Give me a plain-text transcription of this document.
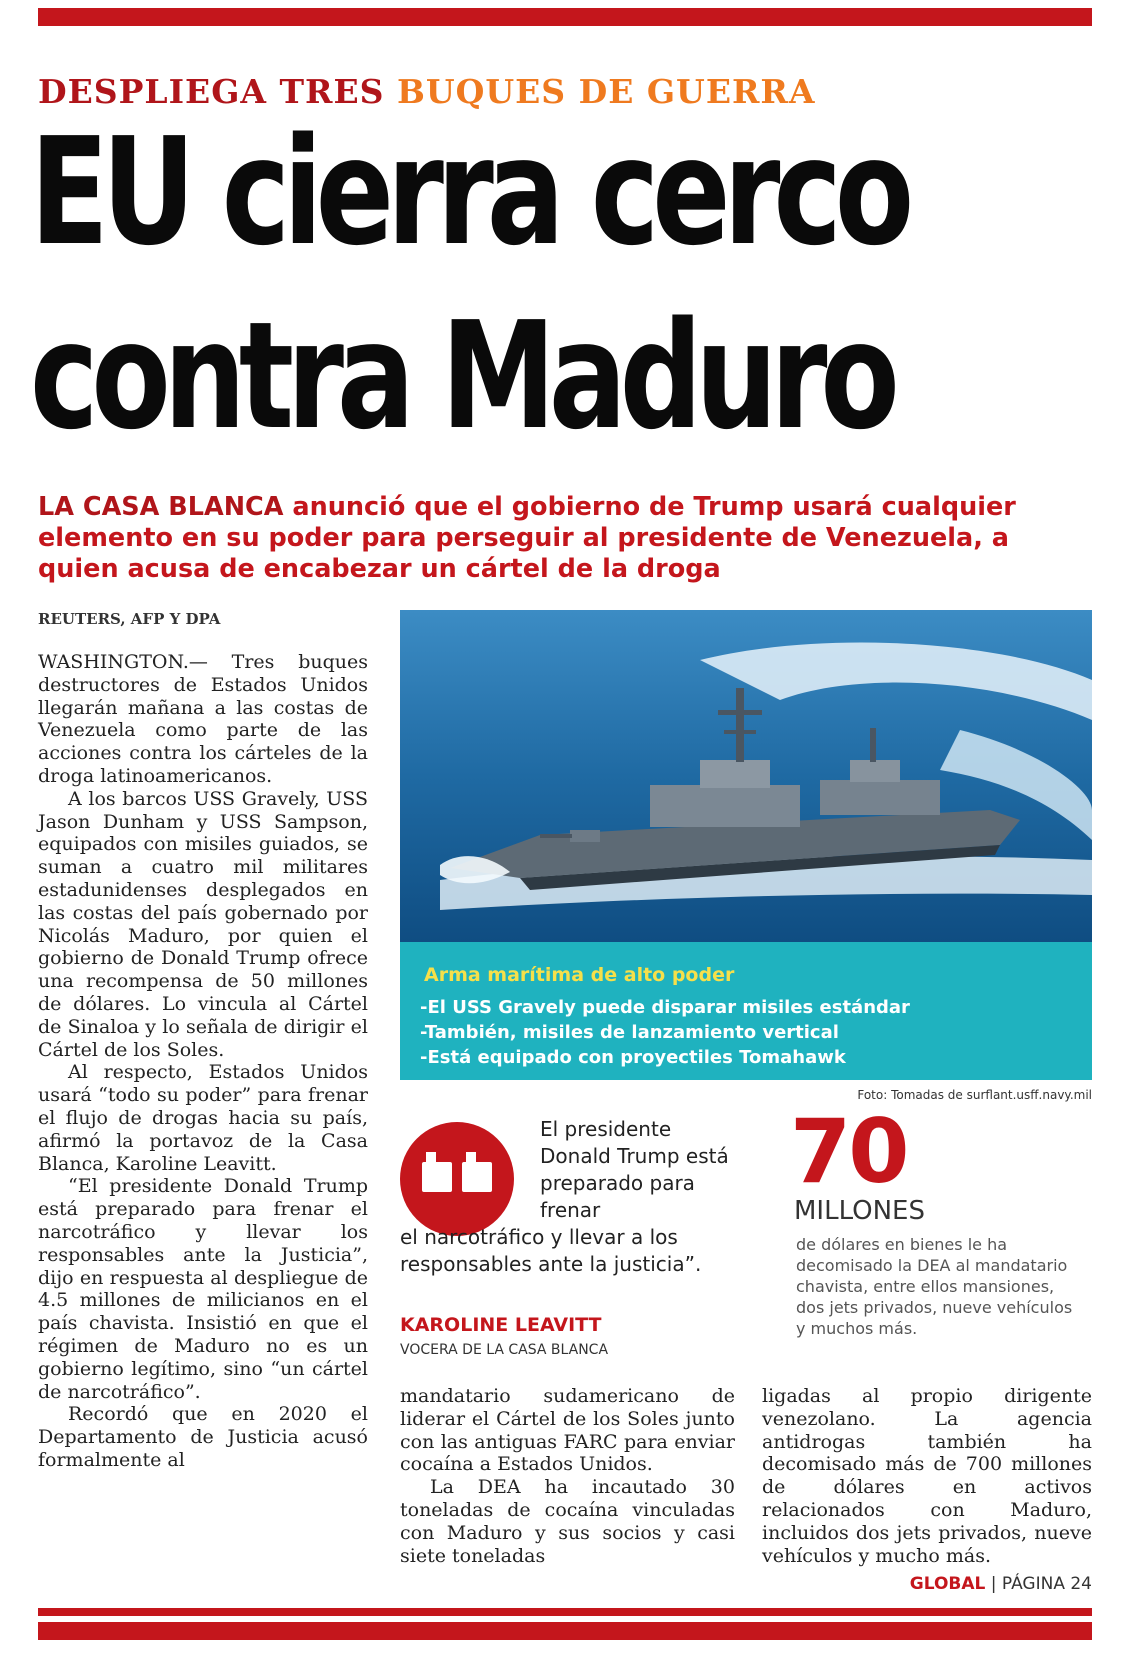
DESPLIEGA TRES BUQUES DE GUERRA
EU cierra cerco
contra Maduro
LA CASA BLANCA anunció que el gobierno de Trump usará cualquier elemento en su poder para perseguir al presidente de Venezuela, a quien acusa de encabezar un cártel de la droga
REUTERS, AFP Y DPA

WASHINGTON.— Tres buques destructores de Estados Unidos llegarán mañana a las costas de Venezuela como parte de las acciones contra los cárteles de la droga latinoamericanos.

A los barcos USS Gravely, USS Jason Dunham y USS Sampson, equipados con misiles guiados, se suman a cuatro mil militares estadunidenses desplegados en las costas del país gobernado por Nicolás Maduro, por quien el gobierno de Donald Trump ofrece una recompensa de 50 millones de dólares. Lo vincula al Cártel de Sinaloa y lo señala de dirigir el Cártel de los Soles.

Al respecto, Estados Unidos usará “todo su poder” para frenar el flujo de drogas hacia su país, afirmó la portavoz de la Casa Blanca, Karoline Leavitt.

“El presidente Donald Trump está preparado para frenar el narcotráfico y llevar los responsables ante la Justicia”, dijo en respuesta al despliegue de 4.5 millones de milicianos en el país chavista. Insistió en que el régimen de Maduro no es un gobierno legítimo, sino “un cártel de narcotráfico”.

Recordó que en 2020 el Departamento de Justicia acusó formalmente al

Arma marítima de alto poder
-El USS Gravely puede disparar misiles estándar
-También, misiles de lanzamiento vertical
-Está equipado con proyectiles Tomahawk
Foto: Tomadas de surflant.usff.navy.mil
El presidente Donald Trump está preparado para frenar
el narcotráfico y llevar a los responsables ante la justicia”.
KAROLINE LEAVITT
VOCERA DE LA CASA BLANCA
70
MILLONES
de dólares en bienes le ha decomisado la DEA al mandatario chavista, entre ellos mansiones, dos jets privados, nueve vehículos y muchos más.

mandatario sudamericano de liderar el Cártel de los Soles junto con las antiguas FARC para enviar cocaína a Estados Unidos.

La DEA ha incautado 30 toneladas de cocaína vinculadas con Maduro y sus socios y casi siete toneladas

ligadas al propio dirigente venezolano. La agencia antidrogas también ha decomisado más de 700 millones de dólares en activos relacionados con Maduro, incluidos dos jets privados, nueve vehículos y mucho más.

GLOBAL | PÁGINA 24
